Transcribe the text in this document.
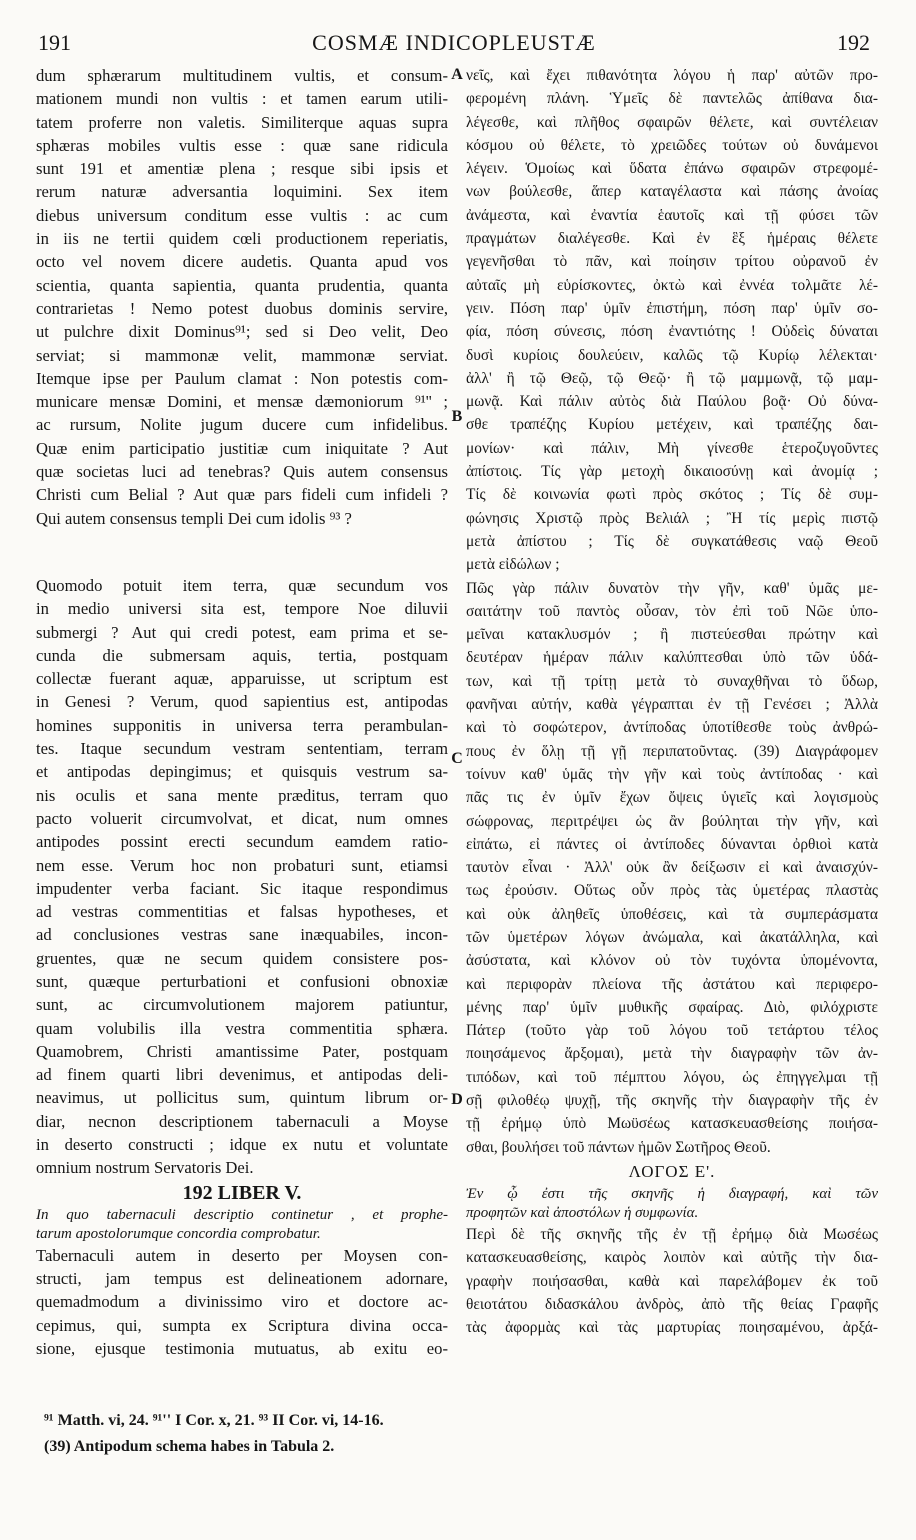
191	COSMÆ INDICOPLEUSTÆ	192
A
B
C
D
dum sphærarum multitudinem vultis, et consum-
mationem mundi non vultis : et tamen earum utili-
tatem proferre non valetis. Similiterque aquas supra
sphæras mobiles vultis esse : quæ sane ridicula
sunt 191 et amentiæ plena ; resque sibi ipsis et
rerum naturæ adversantia loquimini. Sex item
diebus universum conditum esse vultis : ac cum
in iis ne tertii quidem cœli productionem reperiatis,
octo vel novem dicere audetis. Quanta apud vos
scientia, quanta sapientia, quanta prudentia, quanta
contrarietas ! Nemo potest duobus dominis servire,
ut pulchre dixit Dominus⁹¹; sed si Deo velit, Deo
serviat; si mammonæ velit, mammonæ serviat.
Itemque ipse per Paulum clamat : Non potestis com-
municare mensæ Domini, et mensæ dæmoniorum ⁹¹'' ;
ac rursum, Nolite jugum ducere cum infidelibus.
Quæ enim participatio justitiæ cum iniquitate ? Aut
quæ societas luci ad tenebras? Quis autem consensus
Christi cum Belial ? Aut quæ pars fideli cum infideli ?
Qui autem consensus templi Dei cum idolis ⁹³ ?
Quomodo potuit item terra, quæ secundum vos
in medio universi sita est, tempore Noe diluvii
submergi ? Aut qui credi potest, eam prima et se-
cunda die submersam aquis, tertia, postquam
collectæ fuerant aquæ, apparuisse, ut scriptum est
in Genesi ? Verum, quod sapientius est, antipodas
homines supponitis in universa terra perambulan-
tes. Itaque secundum vestram sententiam, terram
et antipodas depingimus; et quisquis vestrum sa-
nis oculis et sana mente præditus, terram quo
pacto voluerit circumvolvat, et dicat, num omnes
antipodes possint erecti secundum eamdem ratio-
nem esse. Verum hoc non probaturi sunt, etiamsi
impudenter verba faciant. Sic itaque respondimus
ad vestras commentitias et falsas hypotheses, et
ad conclusiones vestras sane inæquabiles, incon-
gruentes, quæ ne secum quidem consistere pos-
sunt, quæque perturbationi et confusioni obnoxiæ
sunt, ac circumvolutionem majorem patiuntur,
quam volubilis illa vestra commentitia sphæra.
Quamobrem, Christi amantissime Pater, postquam
ad finem quarti libri devenimus, et antipodas deli-
neavimus, ut pollicitus sum, quintum librum or-
diar, necnon descriptionem tabernaculi a Moyse
in deserto constructi ; idque ex nutu et voluntate
omnium nostrum Servatoris Dei.
192 LIBER V.
In quo tabernaculi descriptio continetur , et prophe-
tarum apostolorumque concordia comprobatur.
Tabernaculi autem in deserto per Moysen con-
structi, jam tempus est delineationem adornare,
quemadmodum a divinissimo viro et doctore ac-
cepimus, qui, sumpta ex Scriptura divina occa-
sione, ejusque testimonia mutuatus, ab exitu eo-
νεῖς, καὶ ἔχει πιθανότητα λόγου ἡ παρ' αὐτῶν προ-
φερομένη πλάνη. Ὑμεῖς δὲ παντελῶς ἀπίθανα δια-
λέγεσθε, καὶ πλῆθος σφαιρῶν θέλετε, καὶ συντέλειαν
κόσμου οὐ θέλετε, τὸ χρειῶδες τούτων οὐ δυνάμενοι
λέγειν. Ὁμοίως καὶ ὕδατα ἐπάνω σφαιρῶν στρεφομέ-
νων βούλεσθε, ἅπερ καταγέλαστα καὶ πάσης ἀνοίας
ἀνάμεστα, καὶ ἐναντία ἑαυτοῖς καὶ τῇ φύσει τῶν
πραγμάτων διαλέγεσθε. Καὶ ἐν ἓξ ἡμέραις θέλετε
γεγενῆσθαι τὸ πᾶν, καὶ ποίησιν τρίτου οὐρανοῦ ἐν
αὐταῖς μὴ εὑρίσκοντες, ὀκτὼ καὶ ἐννέα τολμᾶτε λέ-
γειν. Πόση παρ' ὑμῖν ἐπιστήμη, πόση παρ' ὑμῖν σο-
φία, πόση σύνεσις, πόση ἐναντιότης ! Οὐδεὶς δύναται
δυσὶ κυρίοις δουλεύειν, καλῶς τῷ Κυρίῳ λέλεκται·
ἀλλ' ἢ τῷ Θεῷ, τῷ Θεῷ· ἢ τῷ μαμμωνᾷ, τῷ μαμ-
μωνᾷ. Καὶ πάλιν αὐτὸς διὰ Παύλου βοᾷ· Οὐ δύνα-
σθε τραπέζης Κυρίου μετέχειν, καὶ τραπέζης δαι-
μονίων· καὶ πάλιν, Μὴ γίνεσθε ἑτεροζυγοῦντες
ἀπίστοις. Τίς γὰρ μετοχὴ δικαιοσύνῃ καὶ ἀνομίᾳ ;
Τίς δὲ κοινωνία φωτὶ πρὸς σκότος ; Τίς δὲ συμ-
φώνησις Χριστῷ πρὸς Βελιάλ ; Ἢ τίς μερὶς πιστῷ
μετὰ ἀπίστου ; Τίς δὲ συγκατάθεσις ναῷ Θεοῦ
μετὰ εἰδώλων ;
Πῶς γὰρ πάλιν δυνατὸν τὴν γῆν, καθ' ὑμᾶς με-
σαιτάτην τοῦ παντὸς οὖσαν, τὸν ἐπὶ τοῦ Νῶε ὑπο-
μεῖναι κατακλυσμόν ; ἢ πιστεύεσθαι πρώτην καὶ
δευτέραν ἡμέραν πάλιν καλύπτεσθαι ὑπὸ τῶν ὑδά-
των, καὶ τῇ τρίτῃ μετὰ τὸ συναχθῆναι τὸ ὕδωρ,
φανῆναι αὐτήν, καθὰ γέγραπται ἐν τῇ Γενέσει ; Ἀλλὰ
καὶ τὸ σοφώτερον, ἀντίποδας ὑποτίθεσθε τοὺς ἀνθρώ-
πους ἐν ὅλῃ τῇ γῇ περιπατοῦντας. (39) Διαγράφομεν
τοίνυν καθ' ὑμᾶς τὴν γῆν καὶ τοὺς ἀντίποδας · καὶ
πᾶς τις ἐν ὑμῖν ἔχων ὄψεις ὑγιεῖς καὶ λογισμοὺς
σώφρονας, περιτρέψει ὡς ἂν βούληται τὴν γῆν, καὶ
εἰπάτω, εἰ πάντες οἱ ἀντίποδες δύνανται ὀρθιοὶ κατὰ
ταυτὸν εἶναι · Ἀλλ' οὐκ ἂν δείξωσιν εἰ καὶ ἀναισχύν-
τως ἐρούσιν. Οὕτως οὖν πρὸς τὰς ὑμετέρας πλαστὰς
καὶ οὐκ ἀληθεῖς ὑποθέσεις, καὶ τὰ συμπεράσματα
τῶν ὑμετέρων λόγων ἀνώμαλα, καὶ ἀκατάλληλα, καὶ
ἀσύστατα, καὶ κλόνον οὐ τὸν τυχόντα ὑπομένοντα,
καὶ περιφορὰν πλείονα τῆς ἀστάτου καὶ περιφερο-
μένης παρ' ὑμῖν μυθικῆς σφαίρας. Διὸ, φιλόχριστε
Πάτερ (τοῦτο γὰρ τοῦ λόγου τοῦ τετάρτου τέλος
ποιησάμενος ἄρξομαι), μετὰ τὴν διαγραφὴν τῶν ἀν-
τιπόδων, καὶ τοῦ πέμπτου λόγου, ὡς ἐπηγγελμαι τῇ
σῇ φιλοθέῳ ψυχῇ, τῆς σκηνῆς τὴν διαγραφὴν τῆς ἐν
τῇ ἐρήμῳ ὑπὸ Μωϋσέως κατασκευασθείσης ποιήσα-
σθαι, βουλήσει τοῦ πάντων ἡμῶν Σωτῆρος Θεοῦ.
ΛΟΓΟΣ Ε'.
Ἐν ᾧ ἐστι τῆς σκηνῆς ἡ διαγραφή, καὶ τῶν
προφητῶν καὶ ἀποστόλων ἡ συμφωνία.
Περὶ δὲ τῆς σκηνῆς τῆς ἐν τῇ ἐρήμῳ διὰ Μωσέως
κατασκευασθείσης, καιρὸς λοιπὸν καὶ αὐτῆς τὴν δια-
γραφὴν ποιήσασθαι, καθὰ καὶ παρελάβομεν ἐκ τοῦ
θειοτάτου διδασκάλου ἀνδρὸς, ἀπὸ τῆς θείας Γραφῆς
τὰς ἀφορμὰς καὶ τὰς μαρτυρίας ποιησαμένου, ἀρξά-
⁹¹ Matth. vi, 24. ⁹¹'' I Cor. x, 21. ⁹³ II Cor. vi, 14-16.
(39) Antipodum schema habes in Tabula 2.
